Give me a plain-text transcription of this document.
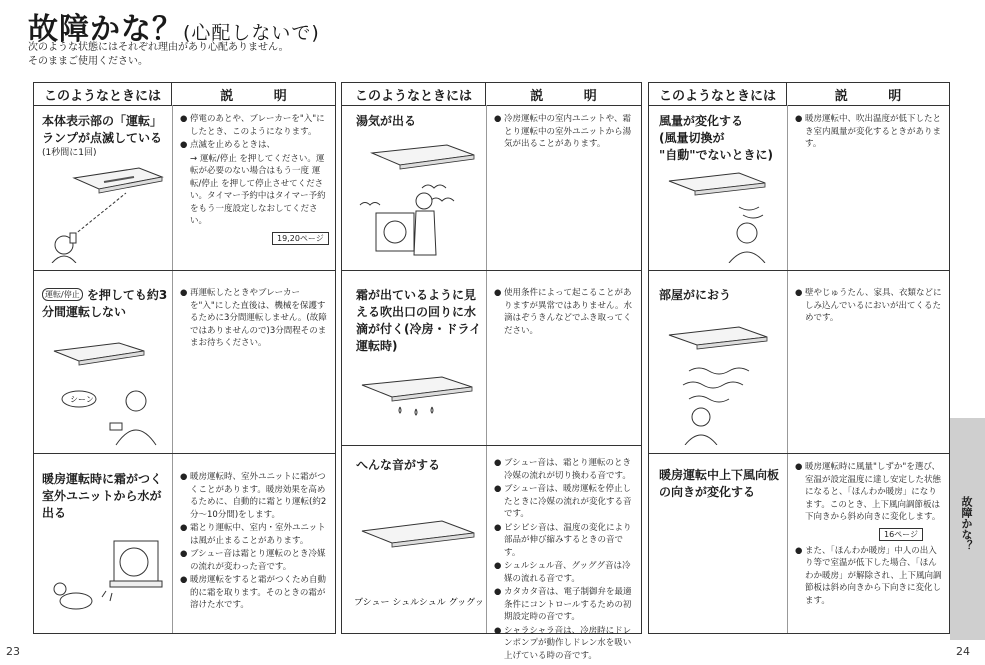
故障かな？(心配しないで)
次のような状態にはそれぞれ理由があり心配ありません。
そのままご使用ください。
このようなときには	説 明
本体表示部の「運転」ランプが点滅している
(1秒間に1回)
● 停電のあとや、ブレーカーを"入"にしたとき、このようになります。
● 点滅を止めるときは、
→ 運転/停止 を押してください。運転が必要のない場合はもう一度 運転/停止 を押して停止させてください。タイマー予約中はタイマー予約をもう一度設定しなおしてください。
19,20ページ
運転/停止 を押しても約3分間運転しない
シーン
● 再運転したときやブレーカーを"入"にした直後は、機械を保護するために3分間運転しません。(故障ではありませんので)3分間程そのままお待ちください。
暖房運転時に霜がつく室外ユニットから水が出る
● 暖房運転時、室外ユニットに霜がつくことがあります。暖房効果を高めるために、自動的に霜とり運転(約2分〜10分間)をします。
● 霜とり運転中、室内・室外ユニットは風が止まることがあります。
● ブシュー音は霜とり運転のとき冷媒の流れが変わった音です。
● 暖房運転をすると霜がつくため自動的に霜を取ります。そのときの霜が溶けた水です。
このようなときには	説 明
湯気が出る	● 冷房運転中の室内ユニットや、霜とり運転中の室外ユニットから湯気が出ることがあります。
霜が出ているように見える吹出口の回りに水滴が付く(冷房・ドライ運転時)
● 使用条件によって起こることがありますが異常ではありません。水滴はぞうきんなどでふき取ってください。
へんな音がする
ブシュー シュルシュル グッグッ
● ブシュー音は、霜とり運転のとき冷媒の流れが切り換わる音です。
● ブシュー音は、暖房運転を停止したときに冷媒の流れが変化する音です。
● ピシピシ音は、温度の変化により部品が伸び縮みするときの音です。
● シュルシュル音、グッググ音は冷媒の流れる音です。
● カタカタ音は、電子制御弁を最適条件にコントロールするための初期設定時の音です。
● シャラシャラ音は、冷房時にドレンポンプが動作しドレン水を吸い上げている時の音です。
このようなときには	説 明
風量が変化する
(風量切換が
"自動"でないときに)
● 暖房運転中、吹出温度が低下したとき室内風量が変化するときがあります。
部屋がにおう	● 壁やじゅうたん、家具、衣類などにしみ込んでいるにおいが出てくるためです。
暖房運転中上下風向板の向きが変化する
● 暖房運転時に風量"しずか"を選び、室温が設定温度に達し安定した状態になると、「ほんわか暖房」になります。このとき、上下風向調節板は下向きから斜め向きに変化します。
16ページ
● また、「ほんわか暖房」中人の出入り等で室温が低下した場合、「ほんわか暖房」が解除され、上下風向調節板は斜め向きから下向きに変化します。
故障かな？
23	24
